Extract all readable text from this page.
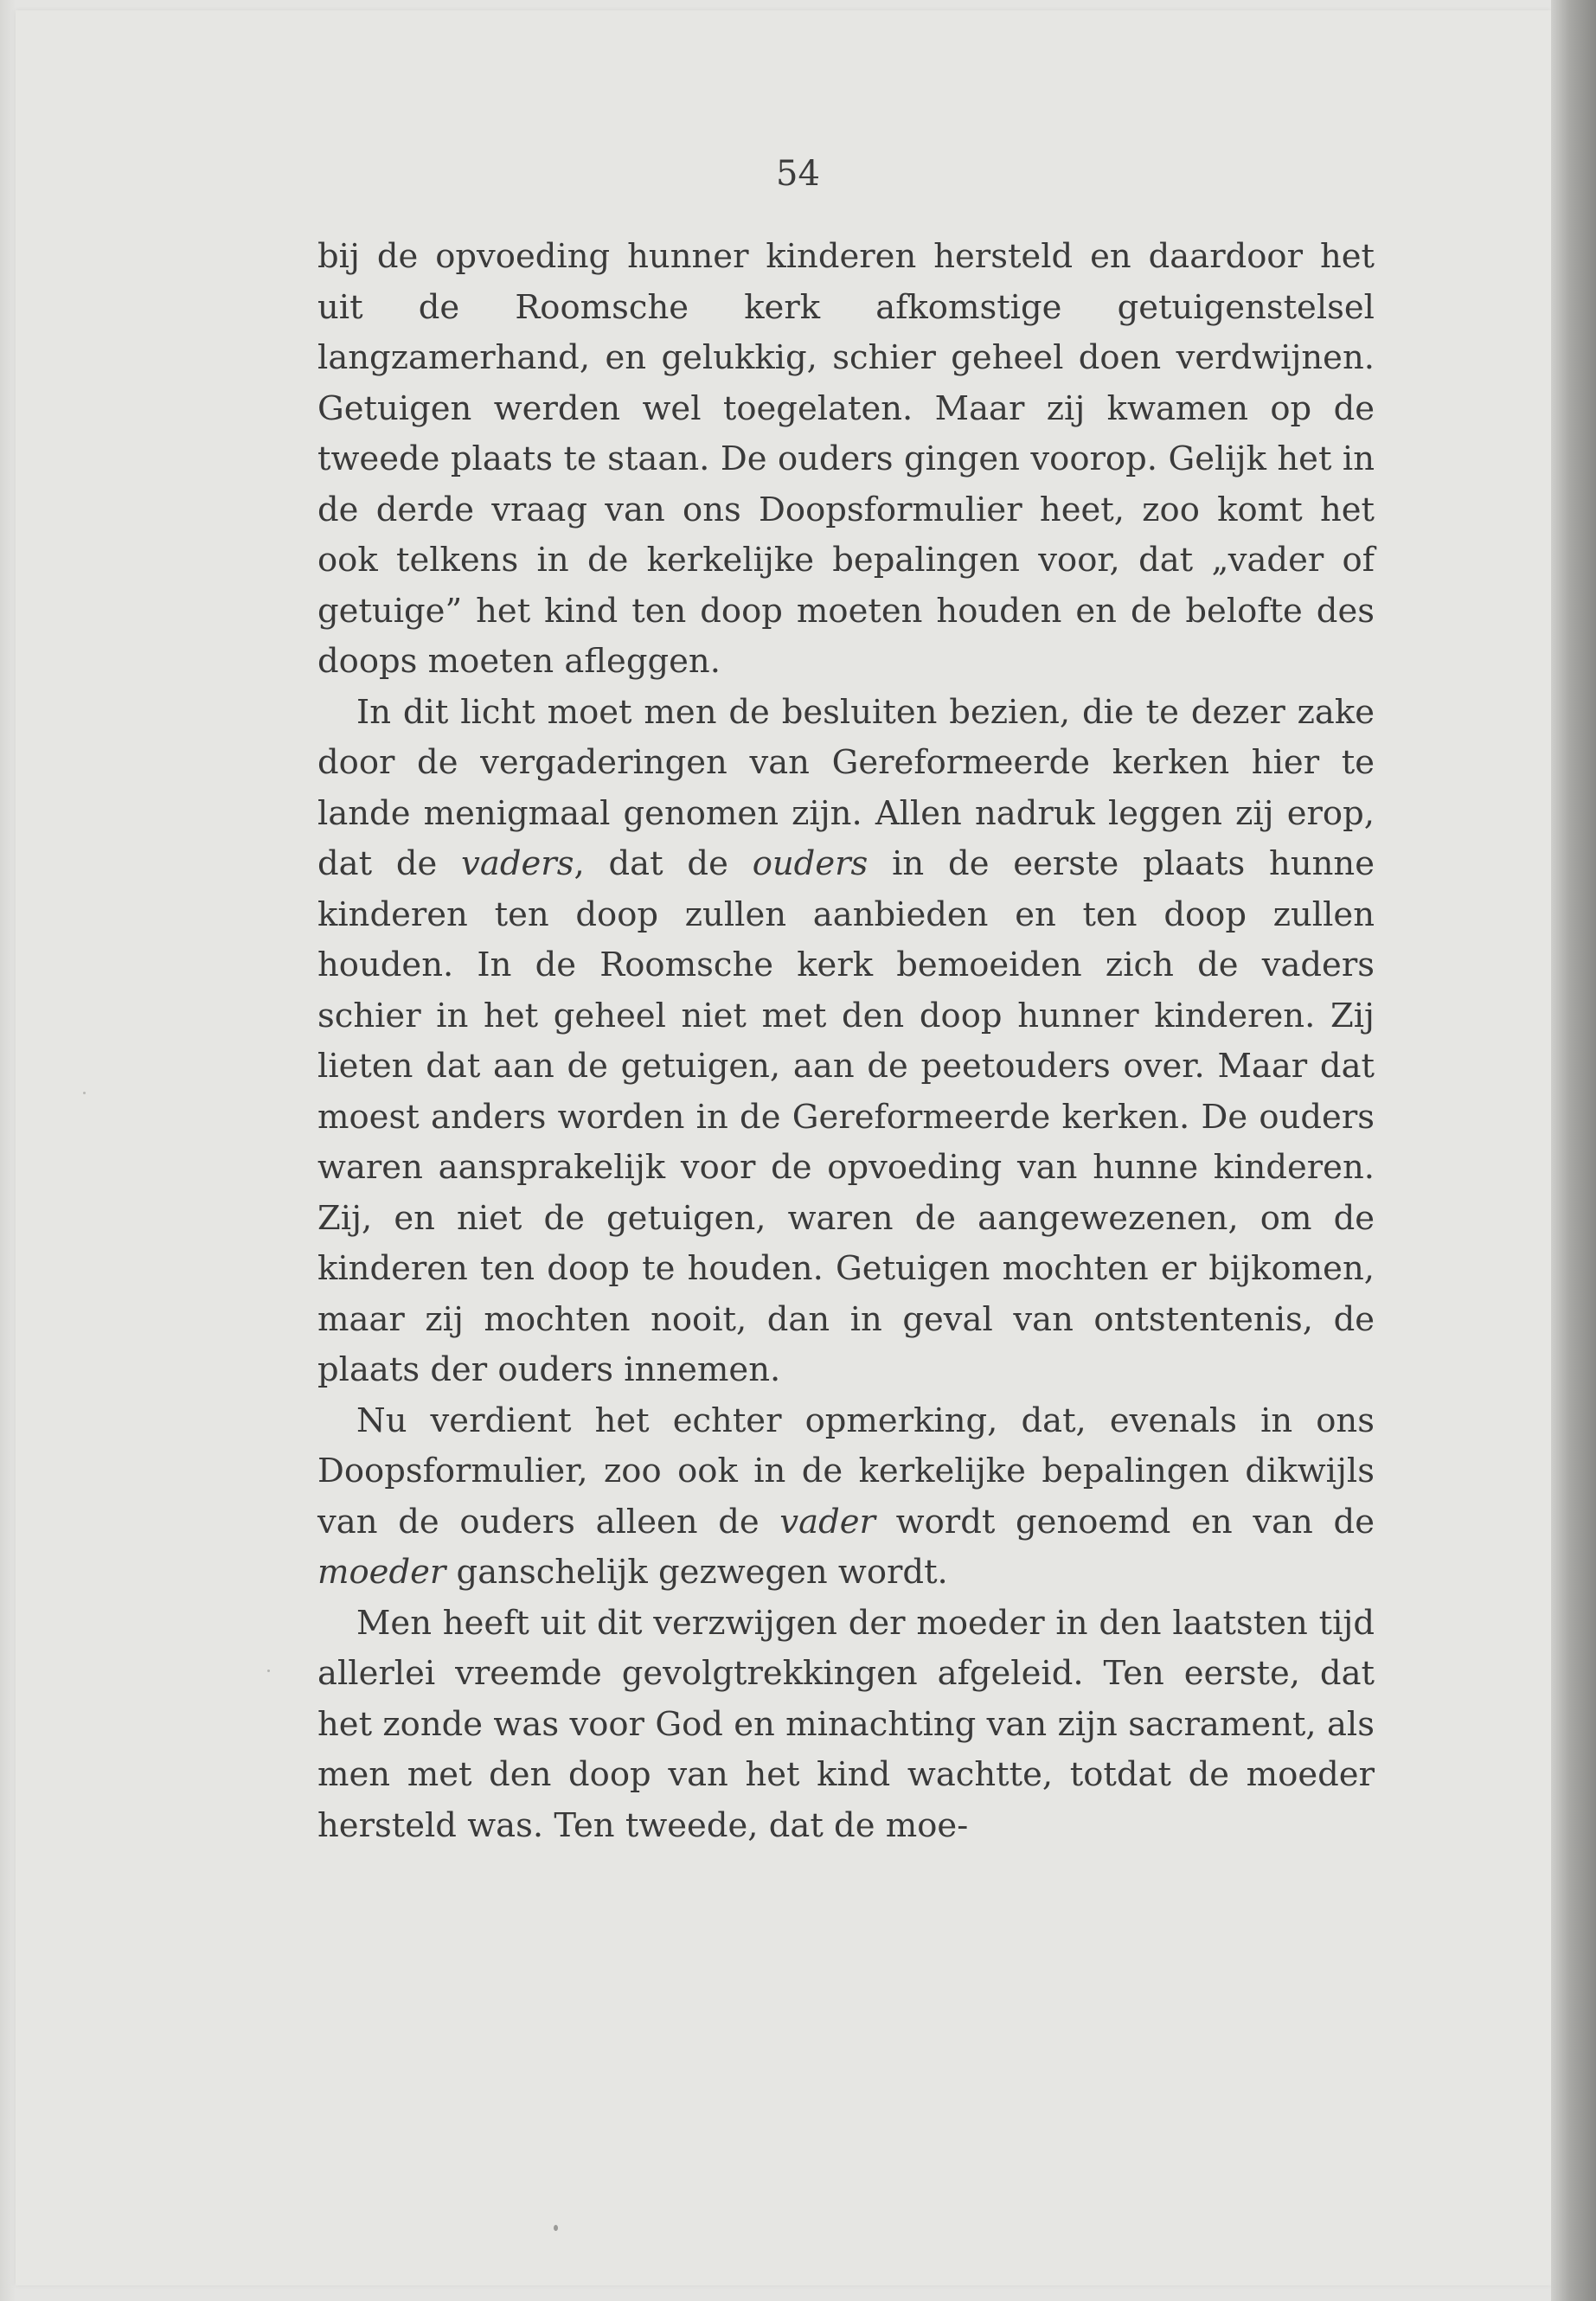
54

bij de opvoeding hunner kinderen hersteld en daardoor het uit de Roomsche kerk afkomstige getuigenstelsel langzamerhand, en gelukkig, schier geheel doen verdwijnen. Getuigen werden wel toegelaten. Maar zij kwamen op de tweede plaats te staan. De ouders gingen voorop. Gelijk het in de derde vraag van ons Doopsformulier heet, zoo komt het ook telkens in de kerkelijke bepalingen voor, dat „vader of getuige” het kind ten doop moeten houden en de belofte des doops moeten afleggen.

In dit licht moet men de besluiten bezien, die te dezer zake door de vergaderingen van Gereformeerde kerken hier te lande menigmaal genomen zijn. Allen nadruk leggen zij erop, dat de vaders, dat de ouders in de eerste plaats hunne kinderen ten doop zullen aanbieden en ten doop zullen houden. In de Roomsche kerk bemoeiden zich de vaders schier in het geheel niet met den doop hunner kinderen. Zij lieten dat aan de getuigen, aan de peetouders over. Maar dat moest anders worden in de Gereformeerde kerken. De ouders waren aansprakelijk voor de opvoeding van hunne kinderen. Zij, en niet de getuigen, waren de aangewezenen, om de kinderen ten doop te houden. Getuigen mochten er bijkomen, maar zij mochten nooit, dan in geval van ontstentenis, de plaats der ouders innemen.

Nu verdient het echter opmerking, dat, evenals in ons Doopsformulier, zoo ook in de kerkelijke bepalingen dikwijls van de ouders alleen de vader wordt genoemd en van de moeder ganschelijk gezwegen wordt.

Men heeft uit dit verzwijgen der moeder in den laatsten tijd allerlei vreemde gevolgtrekkingen afgeleid. Ten eerste, dat het zonde was voor God en minachting van zijn sacrament, als men met den doop van het kind wachtte, totdat de moeder hersteld was. Ten tweede, dat de moe-
